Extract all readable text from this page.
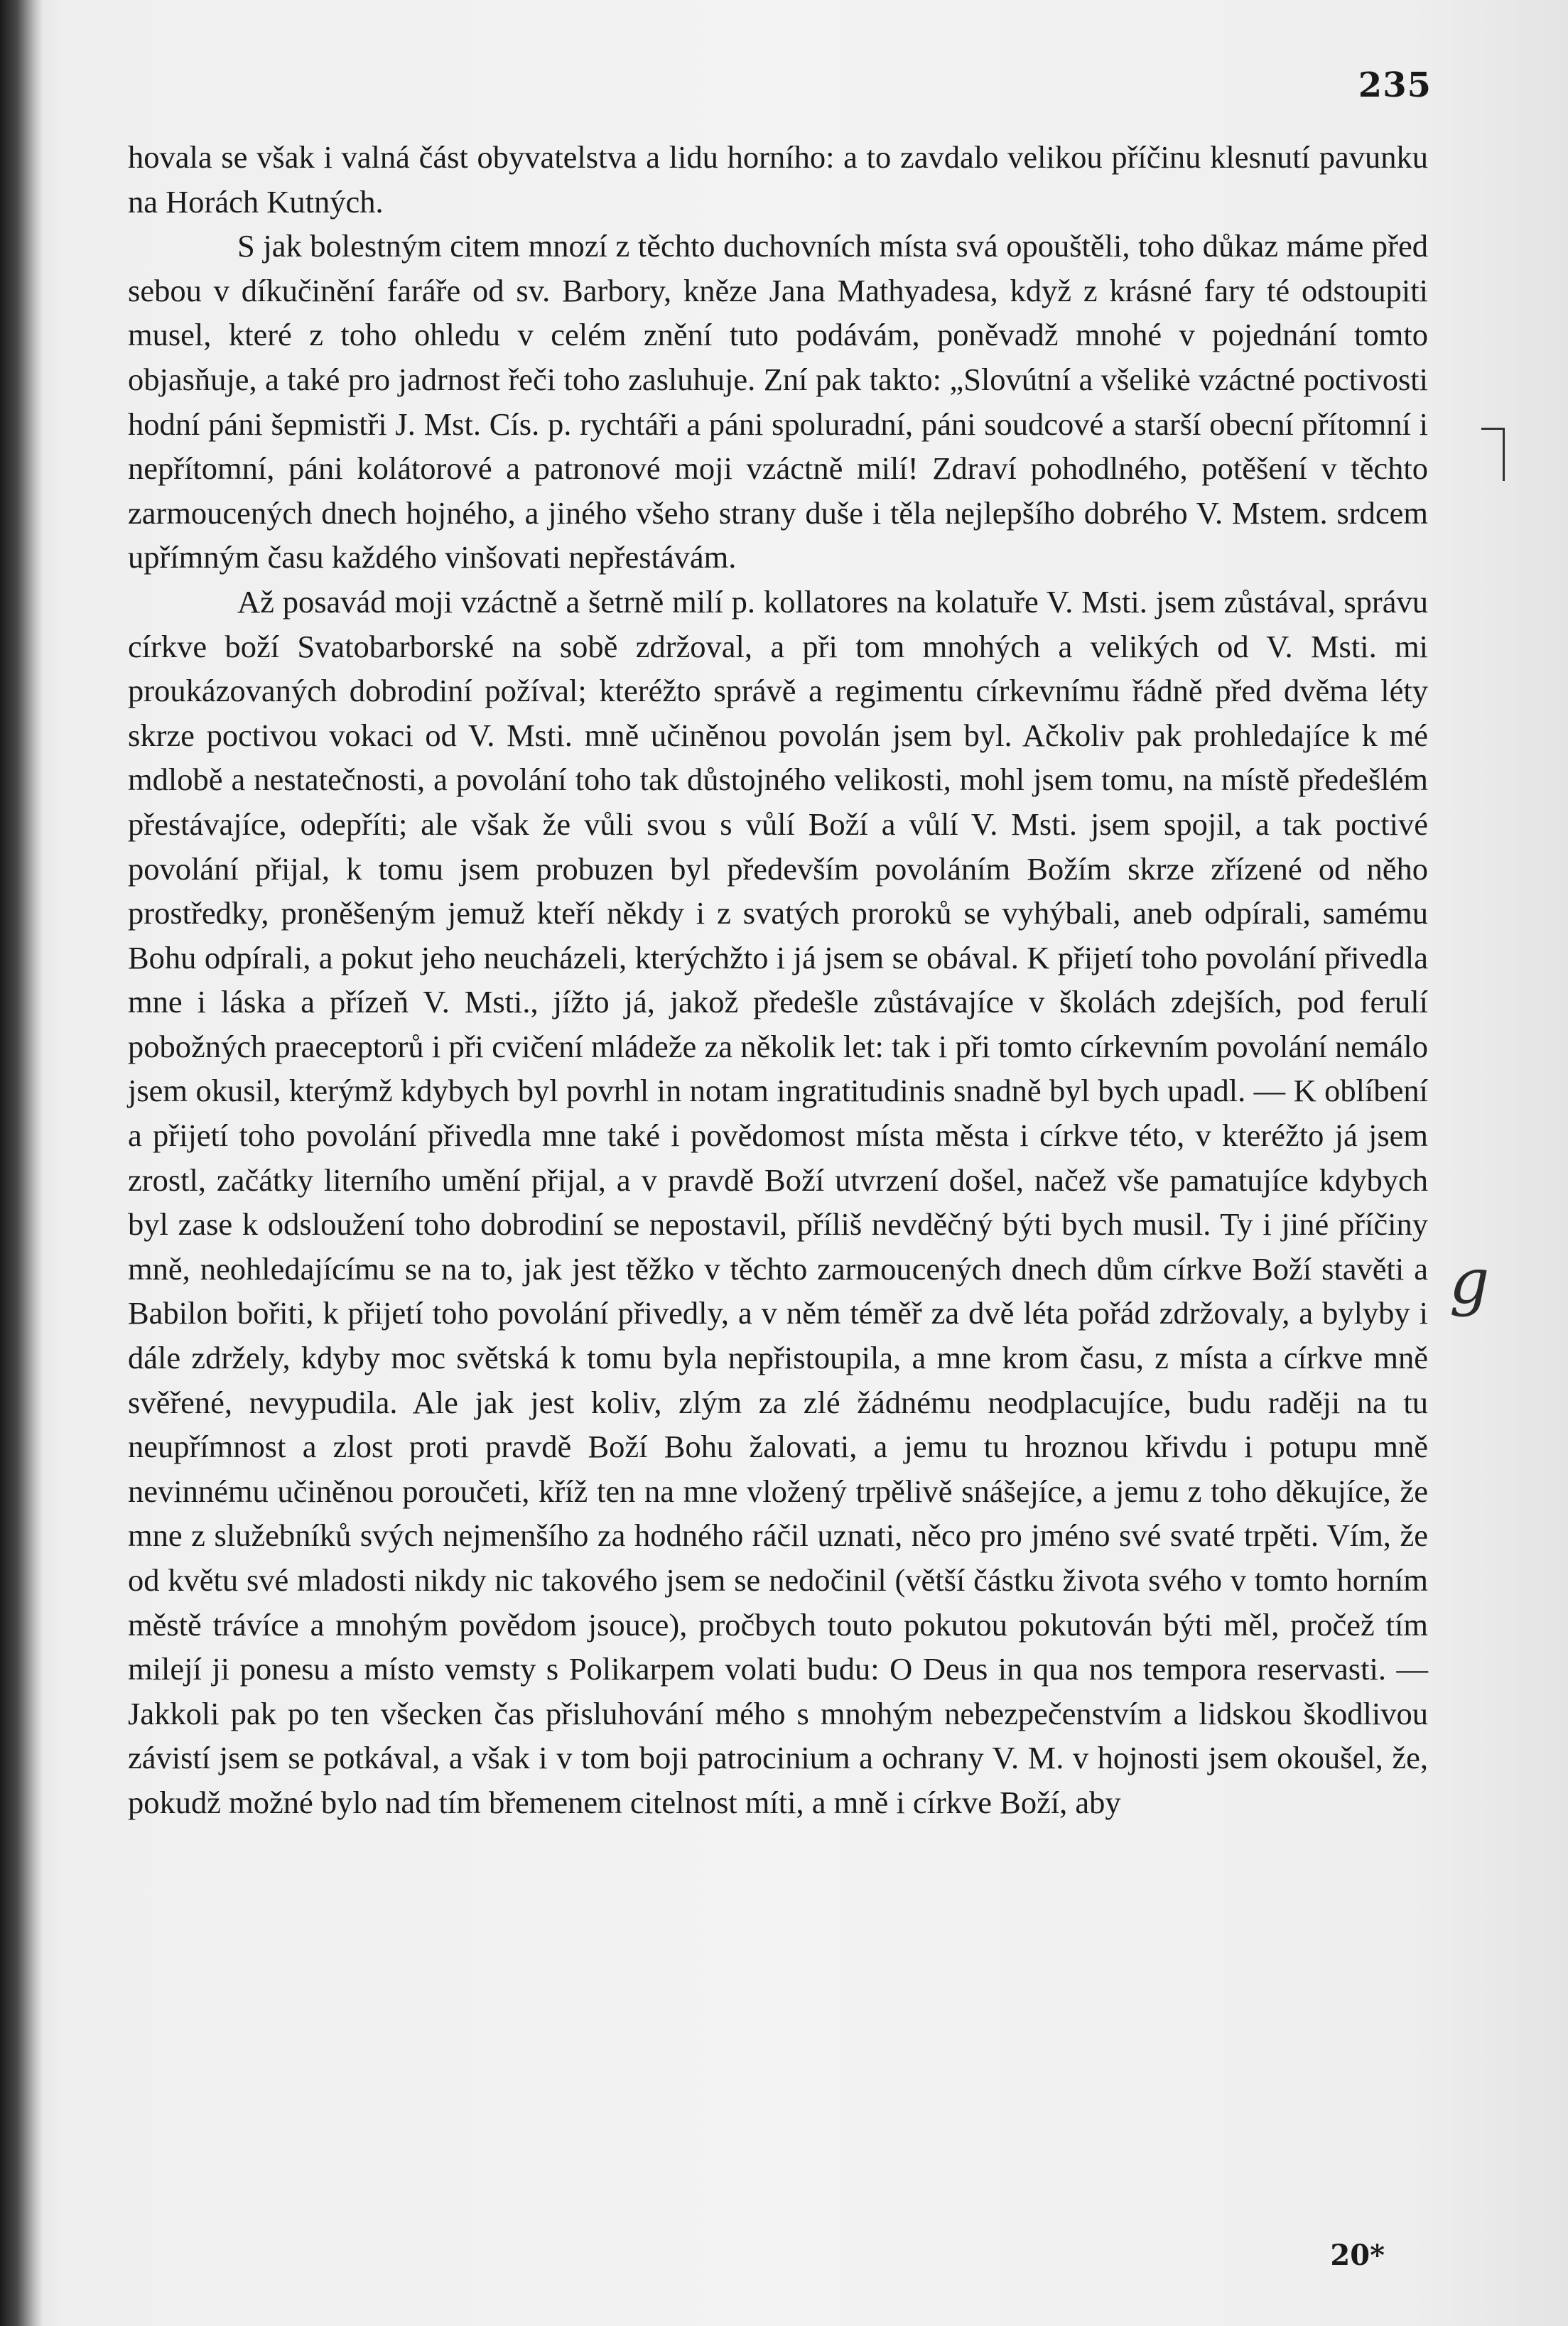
235

hovala se však i valná část obyvatelstva a lidu horního: a to zavdalo velikou příčinu klesnutí pavunku na Horách Kutných.

S jak bolestným citem mnozí z těchto duchovních místa svá opouštěli, toho důkaz máme před sebou v díkučinění faráře od sv. Barbory, kněze Jana Mathyadesa, když z krásné fary té odstoupiti musel, které z toho ohledu v celém znění tuto podávám, poněvadž mnohé v pojednání tomto objasňuje, a také pro jadrnost řeči toho zasluhuje. Zní pak takto: „Slovútní a všelikė vzáctné poctivosti hodní páni šepmistři J. Mst. Cís. p. rychtáři a páni spoluradní, páni soudcové a starší obecní přítomní i nepřítomní, páni kolátorové a patronové moji vzáctně milí! Zdraví pohodlného, potěšení v těchto zarmoucených dnech hojného, a jiného všeho strany duše i těla nejlepšího dobrého V. Mstem. srdcem upřímným času každého vinšovati nepřestávám.

Až posavád moji vzáctně a šetrně milí p. kollatores na kolatuře V. Msti. jsem zůstával, správu církve boží Svatobarborské na sobě zdržoval, a při tom mnohých a velikých od V. Msti. mi proukázovaných dobrodiní požíval; kteréžto správě a regimentu církevnímu řádně před dvěma léty skrze poctivou vokaci od V. Msti. mně učiněnou povolán jsem byl. Ačkoliv pak prohledajíce k mé mdlobě a nestatečnosti, a povolání toho tak důstojného velikosti, mohl jsem tomu, na místě předešlém přestávajíce, odepříti; ale však že vůli svou s vůlí Boží a vůlí V. Msti. jsem spojil, a tak poctivé povolání přijal, k tomu jsem probuzen byl především povoláním Božím skrze zřízené od něho prostředky, proněšeným jemuž kteří někdy i z svatých proroků se vyhýbali, aneb odpírali, samému Bohu odpírali, a pokut jeho neucházeli, kterýchžto i já jsem se obával. K přijetí toho povolání přivedla mne i láska a přízeň V. Msti., jížto já, jakož předešle zůstávajíce v školách zdejších, pod ferulí pobožných praeceptorů i při cvičení mládeže za několik let: tak i při tomto církevním povolání nemálo jsem okusil, kterýmž kdybych byl povrhl in notam ingratitudinis snadně byl bych upadl. — K oblíbení a přijetí toho povolání přivedla mne také i povědomost místa města i církve této, v kteréžto já jsem zrostl, začátky literního umění přijal, a v pravdě Boží utvrzení došel, načež vše pamatujíce kdybych byl zase k odsloužení toho dobrodiní se nepostavil, příliš nevděčný býti bych musil. Ty i jiné příčiny mně, neohledajícímu se na to, jak jest těžko v těchto zarmoucených dnech dům církve Boží stavěti a Babilon bořiti, k přijetí toho povolání přivedly, a v něm téměř za dvě léta pořád zdržovaly, a bylyby i dále zdržely, kdyby moc světská k tomu byla nepřistoupila, a mne krom času, z místa a církve mně svěřené, nevypudila. Ale jak jest koliv, zlým za zlé žádnému neodplacujíce, budu raději na tu neupřímnost a zlost proti pravdě Boží Bohu žalovati, a jemu tu hroznou křivdu i potupu mně nevinnému učiněnou poroučeti, kříž ten na mne vložený trpělivě snášejíce, a jemu z toho děkujíce, že mne z služebníků svých nejmenšího za hodného ráčil uznati, něco pro jméno své svaté trpěti. Vím, že od květu své mladosti nikdy nic takového jsem se nedočinil (větší částku života svého v tomto horním městě trávíce a mnohým povědom jsouce), pročbych touto pokutou pokutován býti měl, pročež tím milejí ji ponesu a místo vemsty s Polikarpem volati budu: O Deus in qua nos tempora reservasti. — Jakkoli pak po ten všecken čas přisluhování mého s mnohým nebezpečenstvím a lidskou škodlivou závistí jsem se potkával, a však i v tom boji patrocinium a ochrany V. M. v hojnosti jsem okoušel, že, pokudž možné bylo nad tím břemenem citelnost míti, a mně i církve Boží, aby

g

20*
